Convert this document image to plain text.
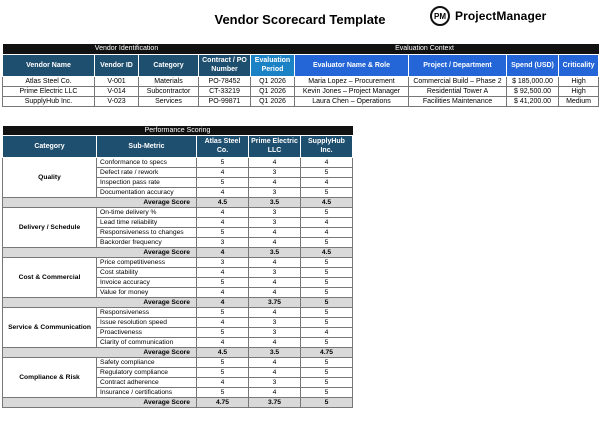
Vendor Scorecard Template	PM ProjectManager
Vendor Identification				Evaluation Context				
Vendor Name	Vendor ID	Category	Contract / PO Number	Evaluation Period	Evaluator Name & Role	Project / Department	Spend (USD)	Criticality
Atlas Steel Co.	V-001	Materials	PO-78452	Q1 2026	Maria Lopez – Procurement	Commercial Build – Phase 2	$ 185,000.00	High
Prime Electric LLC	V-014	Subcontractor	CT-33219	Q1 2026	Kevin Jones – Project Manager	Residential Tower A	$ 92,500.00	High
SupplyHub Inc.	V-023	Services	PO-99871	Q1 2026	Laura Chen – Operations	Facilities Maintenance	$ 41,200.00	Medium
Performance Scoring				
Category	Sub-Metric	Atlas Steel Co.	Prime Electric LLC	SupplyHub Inc.
Quality	Conformance to specs	5	4	4
	Defect rate / rework	4	3	5
	Inspection pass rate	5	4	4
	Documentation accuracy	4	3	5
Average Score		4.5	3.5	4.5
Delivery / Schedule	On-time delivery %	4	3	5
	Lead time reliability	4	3	4
	Responsiveness to changes	5	4	4
	Backorder frequency	3	4	5
Average Score		4	3.5	4.5
Cost & Commercial	Price competitiveness	3	4	5
	Cost stability	4	3	5
	Invoice accuracy	5	4	5
	Value for money	4	4	5
Average Score		4	3.75	5
Service & Communication	Responsiveness	5	4	5
	Issue resolution speed	4	3	5
	Proactiveness	5	3	4
	Clarity of communication	4	4	5
Average Score		4.5	3.5	4.75
Compliance & Risk	Safety compliance	5	4	5
	Regulatory compliance	5	4	5
	Contract adherence	4	3	5
	Insurance / certifications	5	4	5
Average Score		4.75	3.75	5
